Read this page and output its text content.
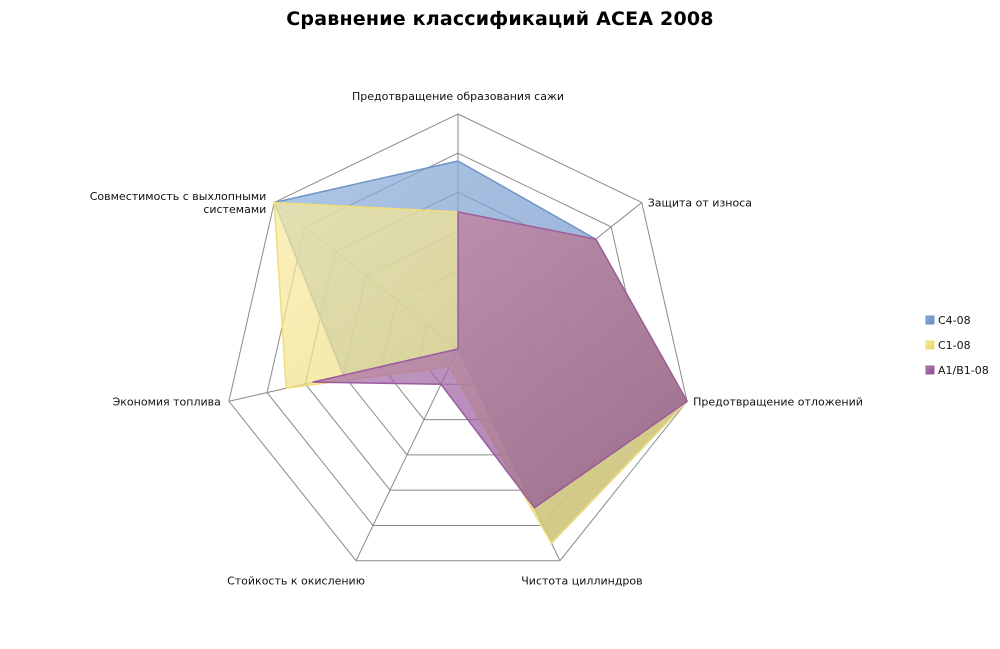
Сравнение классификаций ACEA 2008
Предотвращение образования сажи
Защита от износа
Предотвращение отложений
Чистота циллиндров
Стойкость к окислению
Экономия топлива
Совместимость с выхлопными системами
C4-08
C1-08
A1/B1-08
